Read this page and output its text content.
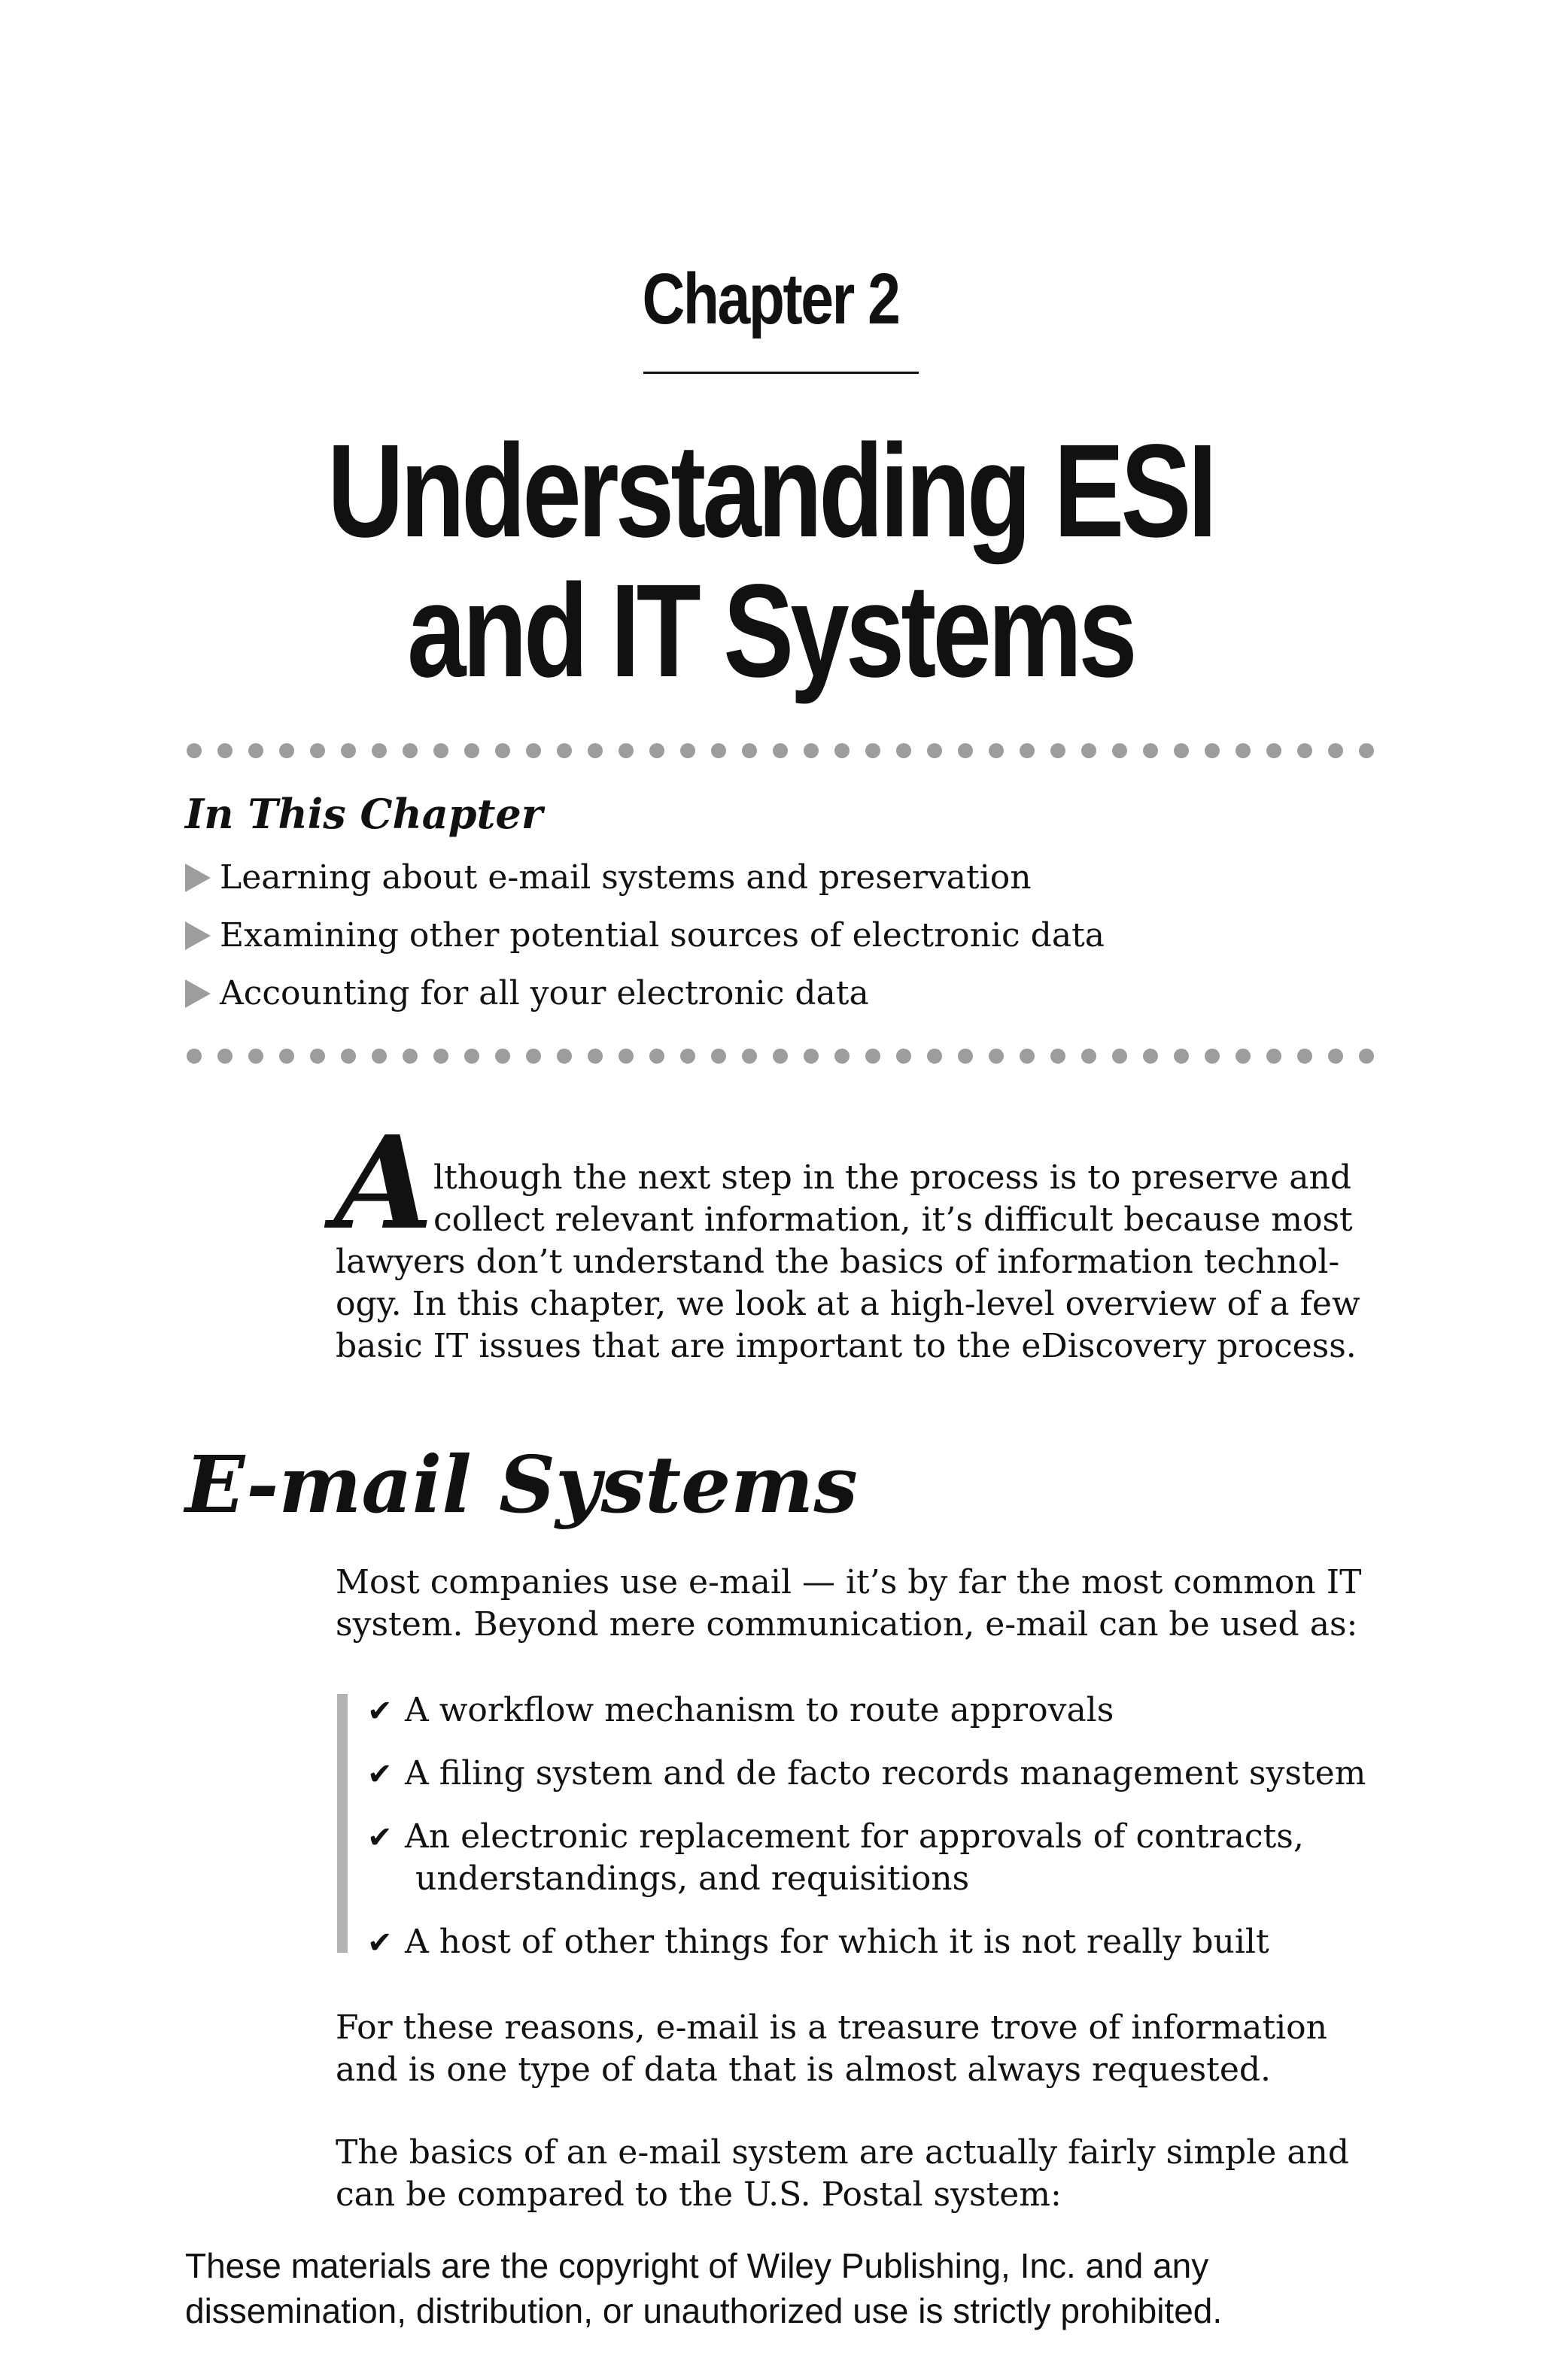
Chapter 2
Understanding ESI
and IT Systems
In This Chapter
Learning about e-mail systems and preservation
Examining other potential sources of electronic data
Accounting for all your electronic data
A lthough the next step in the process is to preserve and
collect relevant information, it’s difficult because most
lawyers don’t understand the basics of information technol-
ogy. In this chapter, we look at a high-level overview of a few
basic IT issues that are important to the eDiscovery process.
E-mail Systems
Most companies use e-mail — it’s by far the most common IT
system. Beyond mere communication, e-mail can be used as:
✔ A workflow mechanism to route approvals
✔ A filing system and de facto records management system
✔ An electronic replacement for approvals of contracts,
understandings, and requisitions
✔ A host of other things for which it is not really built
For these reasons, e-mail is a treasure trove of information
and is one type of data that is almost always requested.
The basics of an e-mail system are actually fairly simple and
can be compared to the U.S. Postal system:
These materials are the copyright of Wiley Publishing, Inc. and any
dissemination, distribution, or unauthorized use is strictly prohibited.
